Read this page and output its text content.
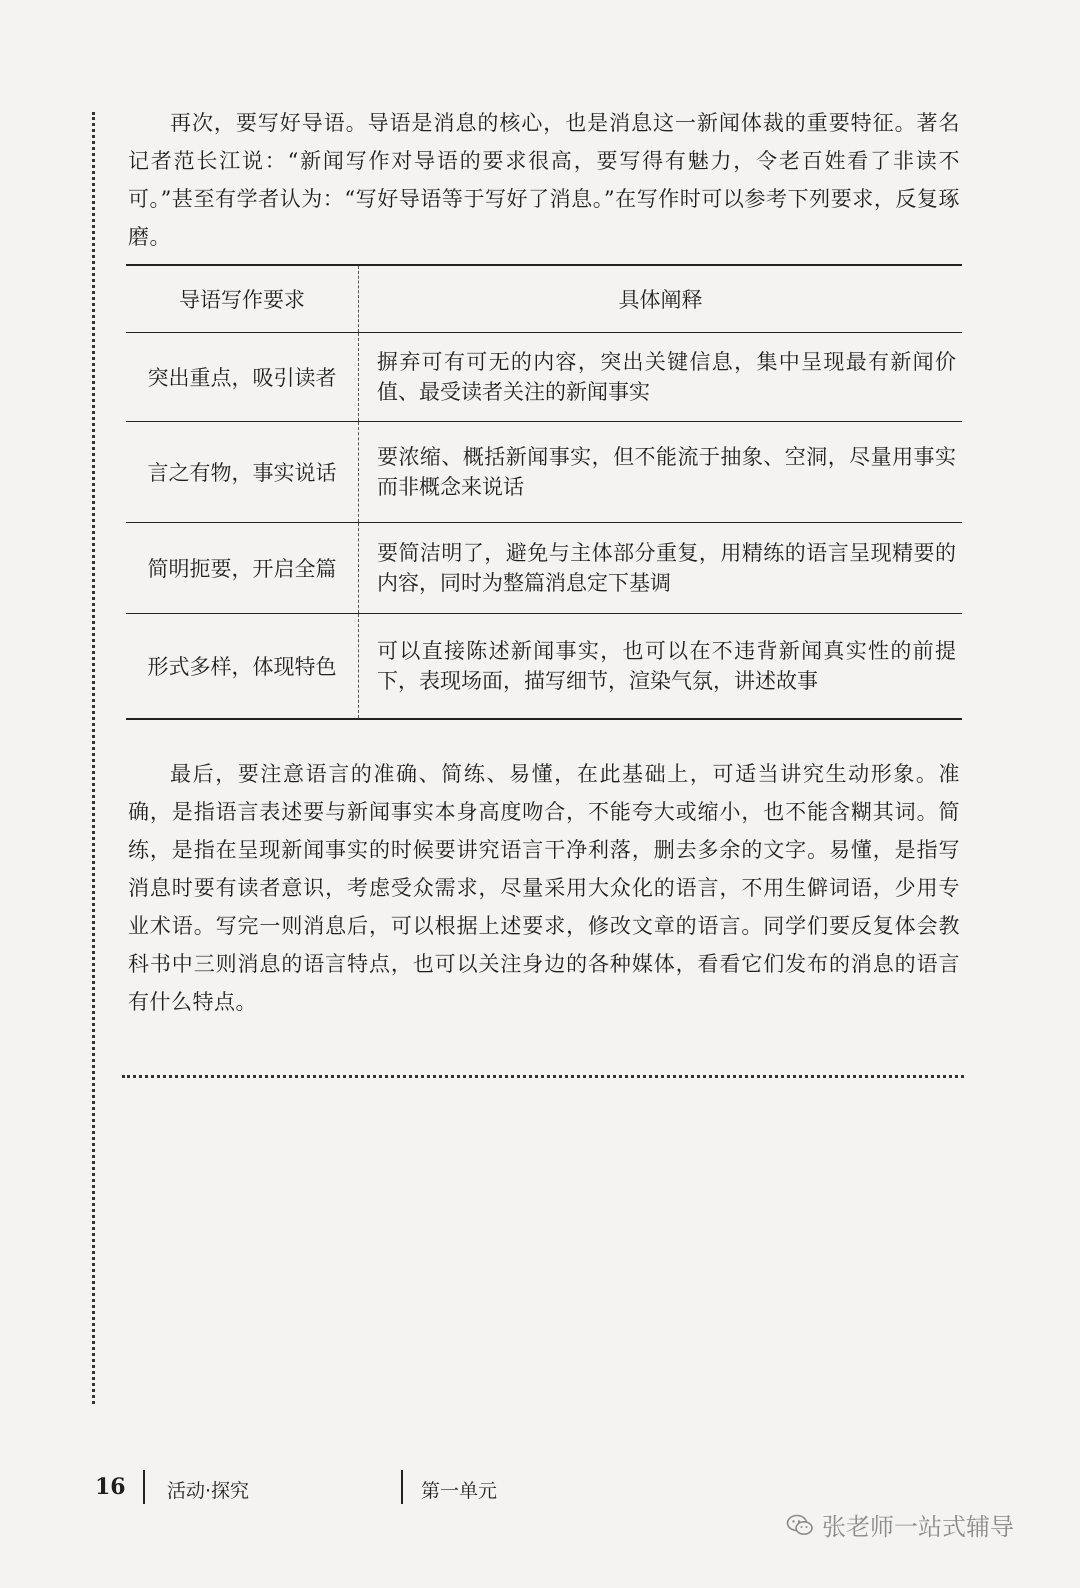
再次，要写好导语。导语是消息的核心，也是消息这一新闻体裁的重要特征。著名记者范长江说：“新闻写作对导语的要求很高，要写得有魅力，令老百姓看了非读不可。”甚至有学者认为：“写好导语等于写好了消息。”在写作时可以参考下列要求，反复琢磨。

导语写作要求	具体阐释
突出重点，吸引读者	摒弃可有可无的内容，突出关键信息，集中呈现最有新闻价值、最受读者关注的新闻事实
言之有物，事实说话	要浓缩、概括新闻事实，但不能流于抽象、空洞，尽量用事实而非概念来说话
简明扼要，开启全篇	要简洁明了，避免与主体部分重复，用精练的语言呈现精要的内容，同时为整篇消息定下基调
形式多样，体现特色	可以直接陈述新闻事实，也可以在不违背新闻真实性的前提下，表现场面，描写细节，渲染气氛，讲述故事

最后，要注意语言的准确、简练、易懂，在此基础上，可适当讲究生动形象。准确，是指语言表述要与新闻事实本身高度吻合，不能夸大或缩小，也不能含糊其词。简练，是指在呈现新闻事实的时候要讲究语言干净利落，删去多余的文字。易懂，是指写消息时要有读者意识，考虑受众需求，尽量采用大众化的语言，不用生僻词语，少用专业术语。写完一则消息后，可以根据上述要求，修改文章的语言。同学们要反复体会教科书中三则消息的语言特点，也可以关注身边的各种媒体，看看它们发布的消息的语言有什么特点。

16 活动·探究	第一单元
张老师一站式辅导
